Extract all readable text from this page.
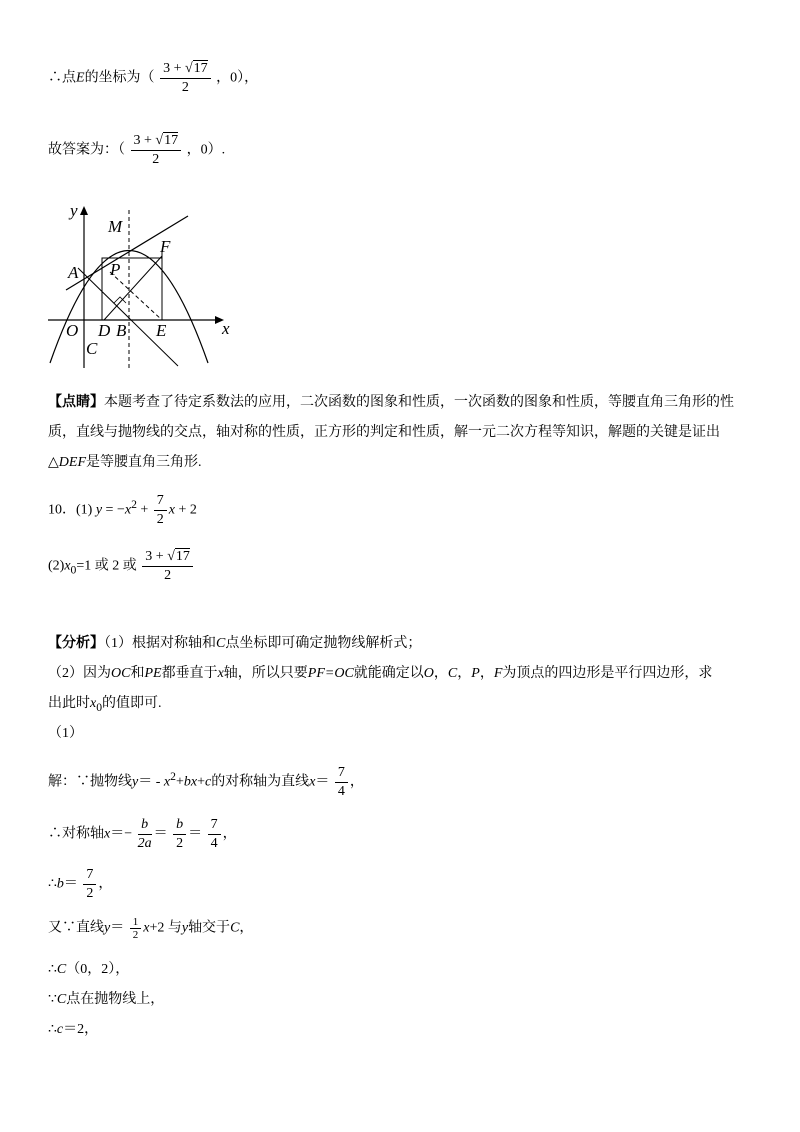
∴点E的坐标为（ $\frac{3 + √17}{2}$ ，0），
故答案为：（ $\frac{3 + √17}{2}$ ，0）.
y
x
M
F
A P
O D B E
C
【点睛】本题考查了待定系数法的应用，二次函数的图象和性质，一次函数的图象和性质，等腰直角三角形的性
质，直线与抛物线的交点，轴对称的性质，正方形的判定和性质，解一元二次方程等知识，解题的关键是证出
△DEF是等腰直角三角形.
10．(1) $y = -x^2 + \frac{7}{2}$ x + 2
$(2)x_0=1$ 或 2 或 $\frac{3 + √17}{2}$
【分析】（1）根据对称轴和C点坐标即可确定抛物线解析式；
（2）因为OC和PE都垂直于x轴，所以只要PF=OC就能确定以O，C，P，F为顶点的四边形是平行四边形，求
出此时$x_0$的值即可.
（1）
解：∵抛物线$y= - x^2+bx+c$的对称轴为直线$x= \frac{7}{4}$ ，
∴对称轴$x=- \frac{b}{2a} = \frac{b}{2} = \frac{7}{4}$ ，
∴b＝ $\frac{7}{2}$ ，
又∵直线$y= \frac{1}{2} x+2$ 与y轴交于C，
∴C（0，2），
∵C点在抛物线上，
∴c＝2，
